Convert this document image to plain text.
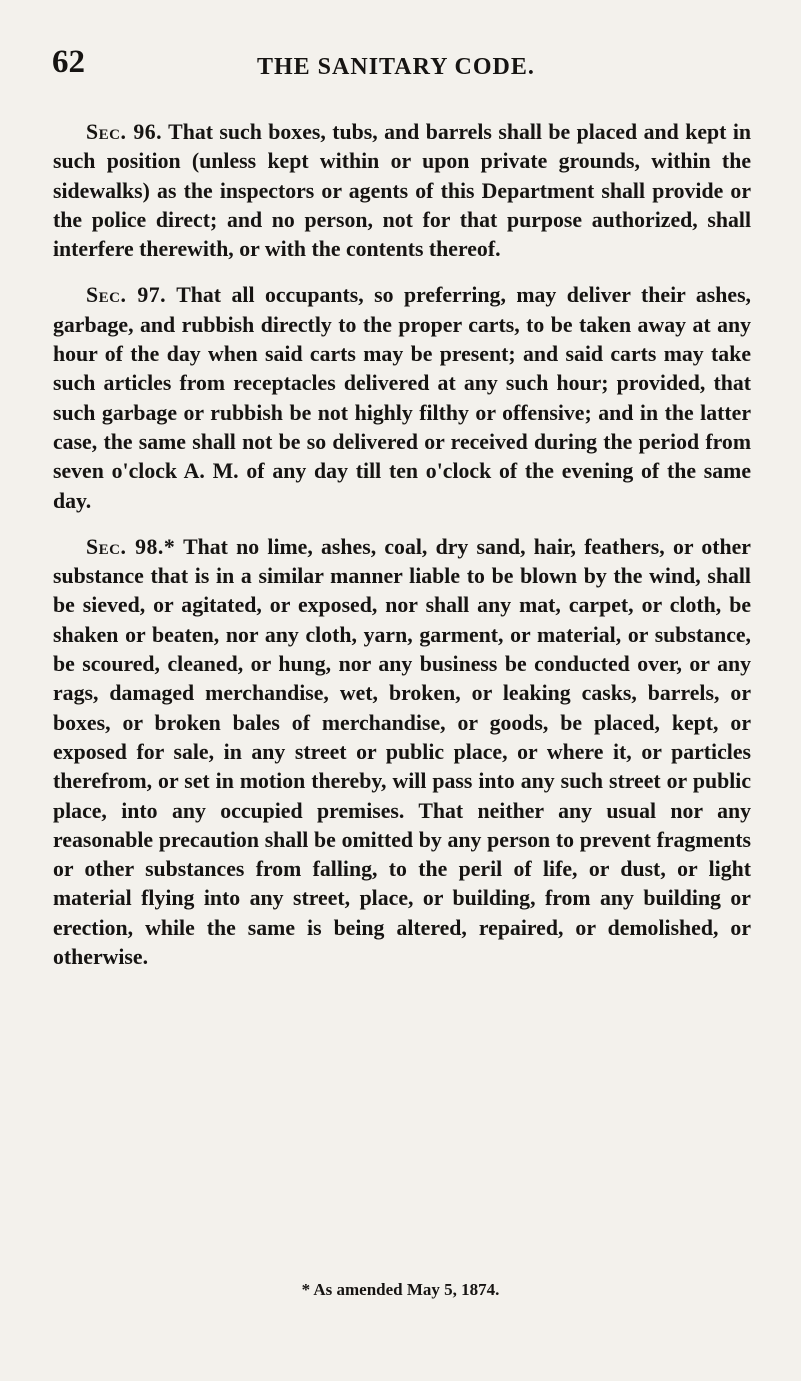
62	THE SANITARY CODE.

Sec. 96. That such boxes, tubs, and barrels shall be placed and kept in such position (unless kept within or upon private grounds, within the sidewalks) as the inspectors or agents of this Department shall provide or the police direct; and no person, not for that purpose authorized, shall interfere therewith, or with the contents thereof.

Sec. 97. That all occupants, so preferring, may deliver their ashes, garbage, and rubbish directly to the proper carts, to be taken away at any hour of the day when said carts may be present; and said carts may take such articles from receptacles delivered at any such hour; provided, that such garbage or rubbish be not highly filthy or offensive; and in the latter case, the same shall not be so delivered or received during the period from seven o'clock A. M. of any day till ten o'clock of the evening of the same day.

Sec. 98.* That no lime, ashes, coal, dry sand, hair, feathers, or other substance that is in a similar manner liable to be blown by the wind, shall be sieved, or agitated, or exposed, nor shall any mat, carpet, or cloth, be shaken or beaten, nor any cloth, yarn, garment, or material, or substance, be scoured, cleaned, or hung, nor any business be conducted over, or any rags, damaged merchandise, wet, broken, or leaking casks, barrels, or boxes, or broken bales of merchandise, or goods, be placed, kept, or exposed for sale, in any street or public place, or where it, or particles therefrom, or set in motion thereby, will pass into any such street or public place, into any occupied premises. That neither any usual nor any reasonable precaution shall be omitted by any person to prevent fragments or other substances from falling, to the peril of life, or dust, or light material flying into any street, place, or building, from any building or erection, while the same is being altered, repaired, or demolished, or otherwise.

* As amended May 5, 1874.
